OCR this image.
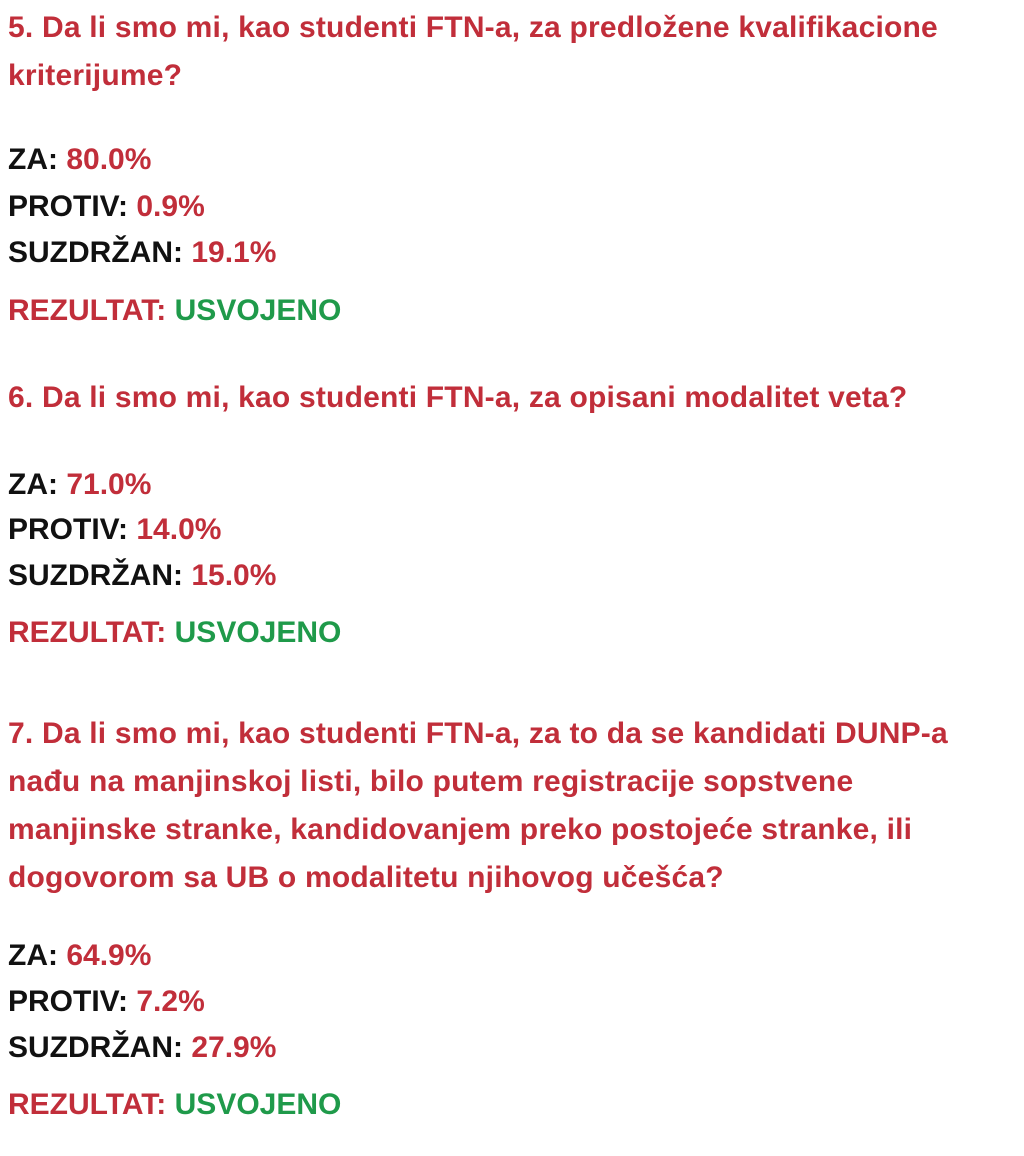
5. Da li smo mi, kao studenti FTN-a, za predložene kvalifikacione kriterijume?

ZA: 80.0%
PROTIV: 0.9%
SUZDRŽAN: 19.1%
REZULTAT: USVOJENO

6. Da li smo mi, kao studenti FTN-a, za opisani modalitet veta?

ZA: 71.0%
PROTIV: 14.0%
SUZDRŽAN: 15.0%
REZULTAT: USVOJENO

7. Da li smo mi, kao studenti FTN-a, za to da se kandidati DUNP-a nađu na manjinskoj listi, bilo putem registracije sopstvene manjinske stranke, kandidovanjem preko postojeće stranke, ili dogovorom sa UB o modalitetu njihovog učešća?

ZA: 64.9%
PROTIV: 7.2%
SUZDRŽAN: 27.9%
REZULTAT: USVOJENO
